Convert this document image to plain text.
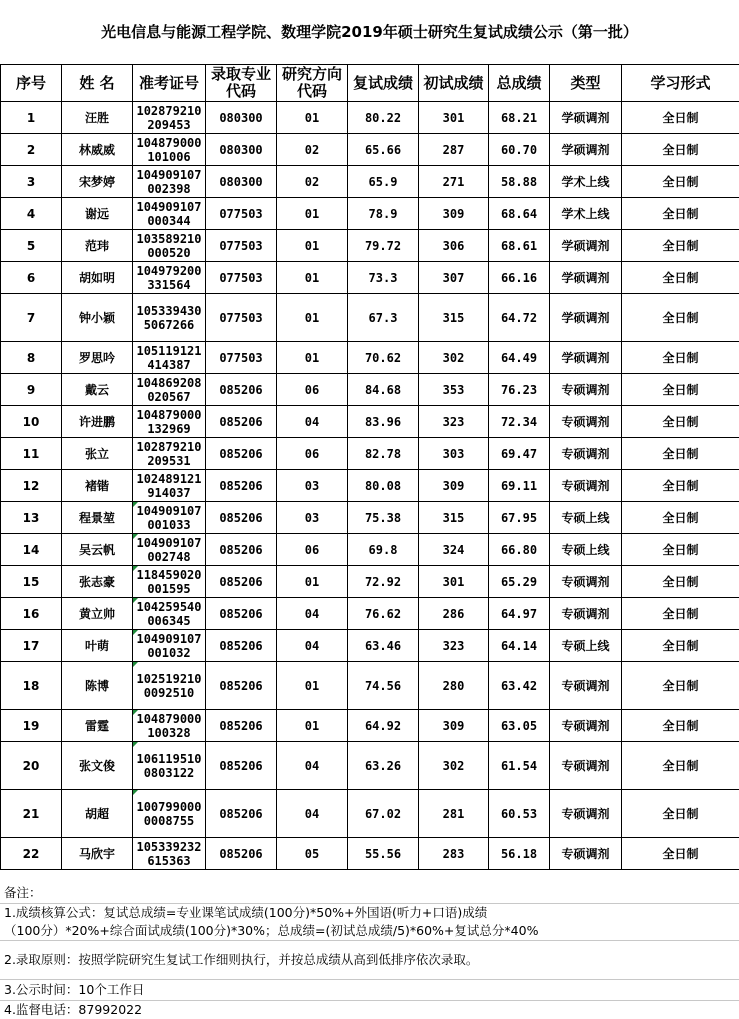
光电信息与能源工程学院、数理学院2019年硕士研究生复试成绩公示（第一批）
序号	姓 名	准考证号	录取专业代码	研究方向代码	复试成绩	初试成绩	总成绩	类型	学习形式
1	汪胜	102879210209453	080300	01	80.22	301	68.21	学硕调剂	全日制
2	林威威	104879000101006	080300	02	65.66	287	60.70	学硕调剂	全日制
3	宋梦婷	104909107002398	080300	02	65.9	271	58.88	学术上线	全日制
4	谢远	104909107000344	077503	01	78.9	309	68.64	学术上线	全日制
5	范玮	103589210000520	077503	01	79.72	306	68.61	学硕调剂	全日制
6	胡如明	104979200331564	077503	01	73.3	307	66.16	学硕调剂	全日制
7	钟小颖	1053394305067266	077503	01	67.3	315	64.72	学硕调剂	全日制
8	罗思吟	105119121414387	077503	01	70.62	302	64.49	学硕调剂	全日制
9	戴云	104869208020567	085206	06	84.68	353	76.23	专硕调剂	全日制
10	许进鹏	104879000132969	085206	04	83.96	323	72.34	专硕调剂	全日制
11	张立	102879210209531	085206	06	82.78	303	69.47	专硕调剂	全日制
12	褚锴	102489121914037	085206	03	80.08	309	69.11	专硕调剂	全日制
13	程景堃	104909107001033	085206	03	75.38	315	67.95	专硕上线	全日制
14	吴云帆	104909107002748	085206	06	69.8	324	66.80	专硕上线	全日制
15	张志豪	118459020001595	085206	01	72.92	301	65.29	专硕调剂	全日制
16	黄立帅	104259540006345	085206	04	76.62	286	64.97	专硕调剂	全日制
17	叶萌	104909107001032	085206	04	63.46	323	64.14	专硕上线	全日制
18	陈博	1025192100092510	085206	01	74.56	280	63.42	专硕调剂	全日制
19	雷霆	104879000100328	085206	01	64.92	309	63.05	专硕调剂	全日制
20	张文俊	1061195100803122	085206	04	63.26	302	61.54	专硕调剂	全日制
21	胡超	1007990000008755	085206	04	67.02	281	60.53	专硕调剂	全日制
22	马欣宇	105339232615363	085206	05	55.56	283	56.18	专硕调剂	全日制
备注：
1.成绩核算公式：复试总成绩=专业课笔试成绩(100分)*50%+外国语(听力+口语)成绩
（100分）*20%+综合面试成绩(100分)*30%；总成绩=(初试总成绩/5)*60%+复试总分*40%
2.录取原则：按照学院研究生复试工作细则执行，并按总成绩从高到低排序依次录取。
3.公示时间：10个工作日
4.监督电话：87992022
